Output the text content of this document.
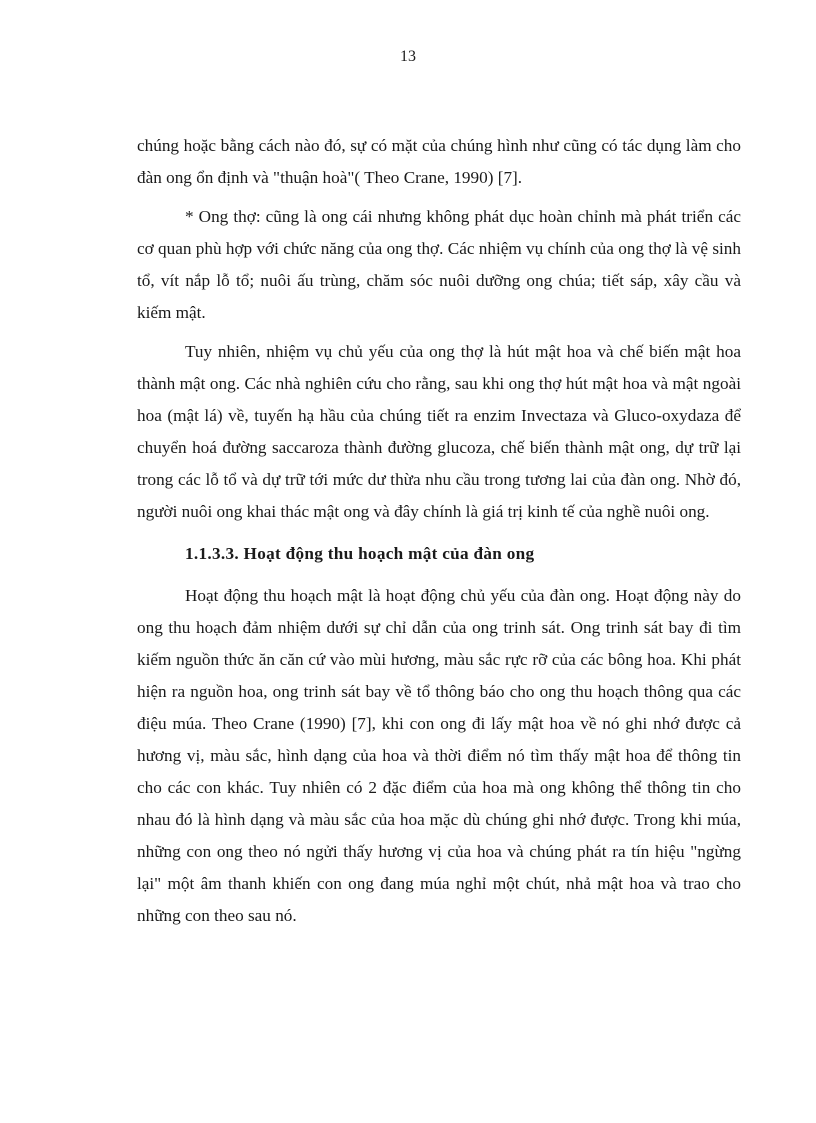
13

chúng hoặc bằng cách nào đó, sự có mặt của chúng hình như cũng có tác dụng làm cho đàn ong ổn định và "thuận hoà"( Theo Crane, 1990) [7].

* Ong thợ: cũng là ong cái nhưng không phát dục hoàn chỉnh mà phát triển các cơ quan phù hợp với chức năng của ong thợ. Các nhiệm vụ chính của ong thợ là vệ sinh tổ, vít nắp lỗ tổ; nuôi ấu trùng, chăm sóc nuôi dưỡng ong chúa; tiết sáp, xây cầu và kiếm mật.

Tuy nhiên, nhiệm vụ chủ yếu của ong thợ là hút mật hoa và chế biến mật hoa thành mật ong. Các nhà nghiên cứu cho rằng, sau khi ong thợ hút mật hoa và mật ngoài hoa (mật lá) về, tuyến hạ hầu của chúng tiết ra enzim Invectaza và Gluco-oxydaza để chuyển hoá đường saccaroza thành đường glucoza, chế biến thành mật ong, dự trữ lại trong các lỗ tổ và dự trữ tới mức dư thừa nhu cầu trong tương lai của đàn ong. Nhờ đó, người nuôi ong khai thác mật ong và đây chính là giá trị kinh tế của nghề nuôi ong.

1.1.3.3. Hoạt động thu hoạch mật của đàn ong

Hoạt động thu hoạch mật là hoạt động chủ yếu của đàn ong. Hoạt động này do ong thu hoạch đảm nhiệm dưới sự chỉ dẫn của ong trinh sát. Ong trinh sát bay đi tìm kiếm nguồn thức ăn căn cứ vào mùi hương, màu sắc rực rỡ của các bông hoa. Khi phát hiện ra nguồn hoa, ong trinh sát bay về tổ thông báo cho ong thu hoạch thông qua các điệu múa. Theo Crane (1990) [7], khi con ong đi lấy mật hoa về nó ghi nhớ được cả hương vị, màu sắc, hình dạng của hoa và thời điểm nó tìm thấy mật hoa để thông tin cho các con khác. Tuy nhiên có 2 đặc điểm của hoa mà ong không thể thông tin cho nhau đó là hình dạng và màu sắc của hoa mặc dù chúng ghi nhớ được. Trong khi múa, những con ong theo nó ngửi thấy hương vị của hoa và chúng phát ra tín hiệu "ngừng lại" một âm thanh khiến con ong đang múa nghỉ một chút, nhả mật hoa và trao cho những con theo sau nó.
